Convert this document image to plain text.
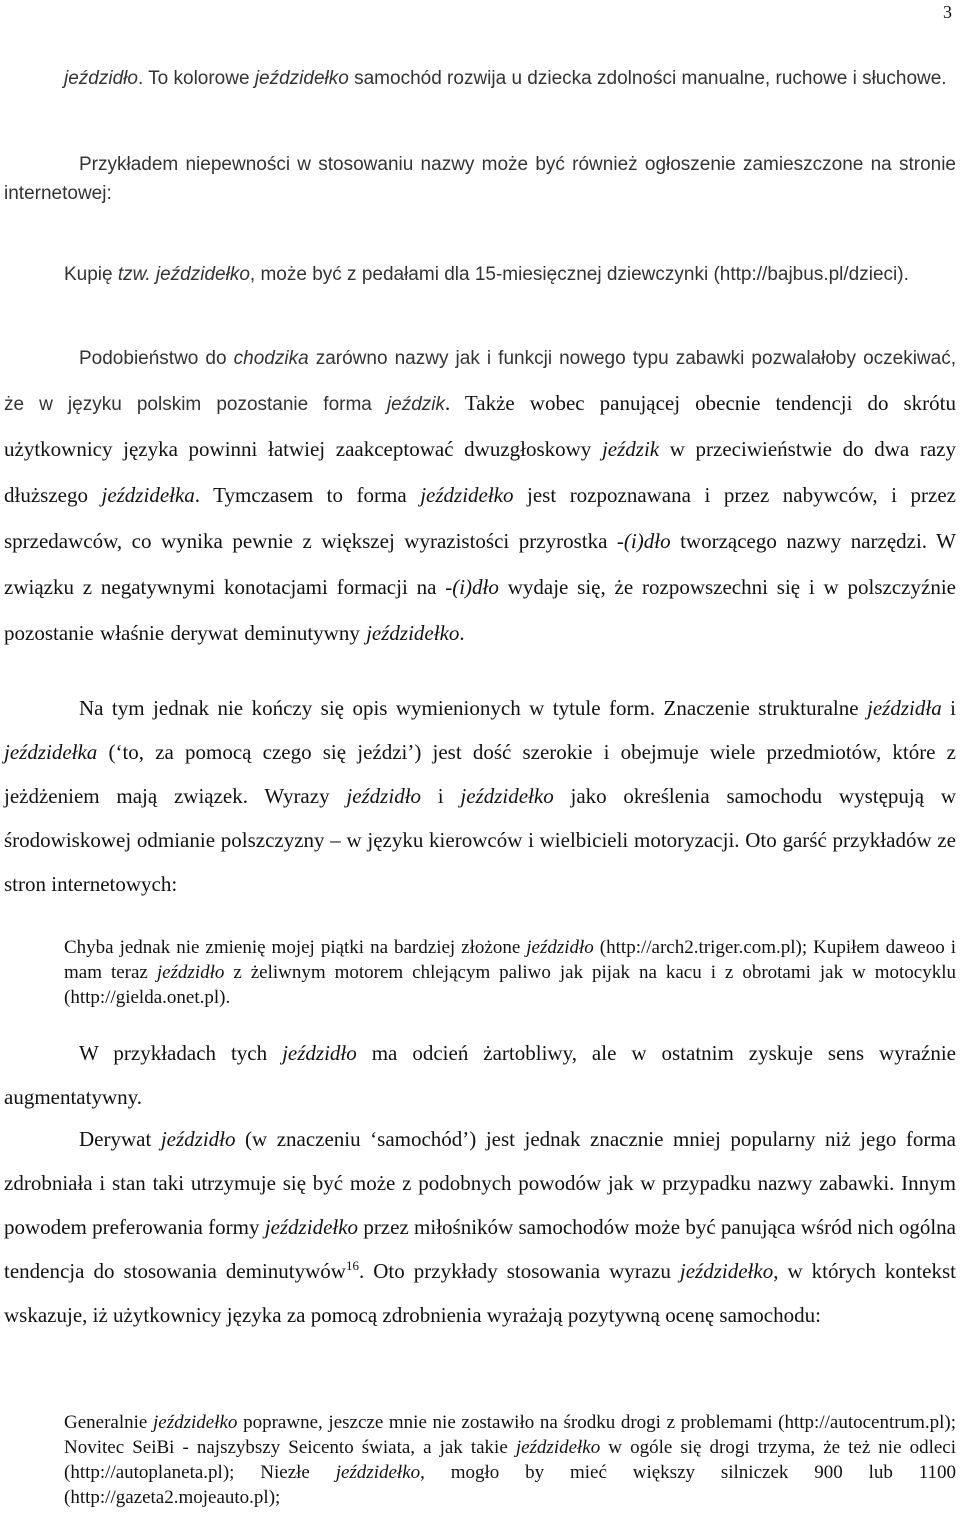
3

jeździdło. To kolorowe jeździdełko samochód rozwija u dziecka zdolności manualne, ruchowe i słuchowe.

Przykładem niepewności w stosowaniu nazwy może być również ogłoszenie zamieszczone na stronie internetowej:

Kupię tzw. jeździdełko, może być z pedałami dla 15-miesięcznej dziewczynki (http://bajbus.pl/dzieci).

Podobieństwo do chodzika zarówno nazwy jak i funkcji nowego typu zabawki pozwalałoby oczekiwać, że w języku polskim pozostanie forma jeździk. Także wobec panującej obecnie tendencji do skrótu użytkownicy języka powinni łatwiej zaakceptować dwuzgłoskowy jeździk w przeciwieństwie do dwa razy dłuższego jeździdełka. Tymczasem to forma jeździdełko jest rozpoznawana i przez nabywców, i przez sprzedawców, co wynika pewnie z większej wyrazistości przyrostka -(i)dło tworzącego nazwy narzędzi. W związku z negatywnymi konotacjami formacji na -(i)dło wydaje się, że rozpowszechni się i w polszczyźnie pozostanie właśnie derywat deminutywny jeździdełko.

Na tym jednak nie kończy się opis wymienionych w tytule form. Znaczenie strukturalne jeździdła i jeździdełka (‘to, za pomocą czego się jeździ’) jest dość szerokie i obejmuje wiele przedmiotów, które z jeżdżeniem mają związek. Wyrazy jeździdło i jeździdełko jako określenia samochodu występują w środowiskowej odmianie polszczyzny – w języku kierowców i wielbicieli motoryzacji. Oto garść przykładów ze stron internetowych:

Chyba jednak nie zmienię mojej piątki na bardziej złożone jeździdło (http://arch2.triger.com.pl); Kupiłem daweoo i mam teraz jeździdło z żeliwnym motorem chlejącym paliwo jak pijak na kacu i z obrotami jak w motocyklu (http://gielda.onet.pl).

W przykładach tych jeździdło ma odcień żartobliwy, ale w ostatnim zyskuje sens wyraźnie augmentatywny.

Derywat jeździdło (w znaczeniu ‘samochód’) jest jednak znacznie mniej popularny niż jego forma zdrobniała i stan taki utrzymuje się być może z podobnych powodów jak w przypadku nazwy zabawki. Innym powodem preferowania formy jeździdełko przez miłośników samochodów może być panująca wśród nich ogólna tendencja do stosowania deminutywów$^{16}$. Oto przykłady stosowania wyrazu jeździdełko, w których kontekst wskazuje, iż użytkownicy języka za pomocą zdrobnienia wyrażają pozytywną ocenę samochodu:

Generalnie jeździdełko poprawne, jeszcze mnie nie zostawiło na środku drogi z problemami (http://autocentrum.pl); Novitec SeiBi - najszybszy Seicento świata, a jak takie jeździdełko w ogóle się drogi trzyma, że też nie odleci (http://autoplaneta.pl); Niezłe jeździdełko, mogło by mieć większy silniczek 900 lub 1100 (http://gazeta2.mojeauto.pl);
